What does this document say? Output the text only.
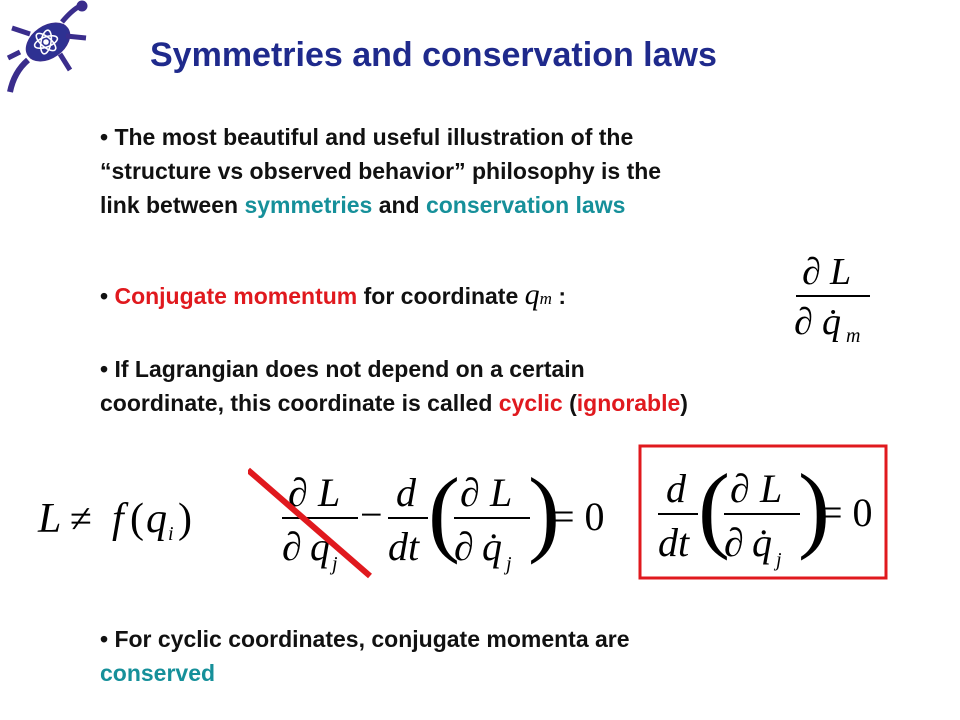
Symmetries and conservation laws
• The most beautiful and useful illustration of the
“structure vs observed behavior” philosophy is the
link between symmetries and conservation laws
• Conjugate momentum for coordinate qm :
∂ L
∂ q̇ m
• If Lagrangian does not depend on a certain
coordinate, this coordinate is called cyclic (ignorable)
L ≠ f ( q i )
∂ L
∂ q j
− d
dt ( ∂ L
∂ q̇ j )
= 0
d
dt ( ∂ L
∂ q̇ j )
= 0
• For cyclic coordinates, conjugate momenta are
conserved
